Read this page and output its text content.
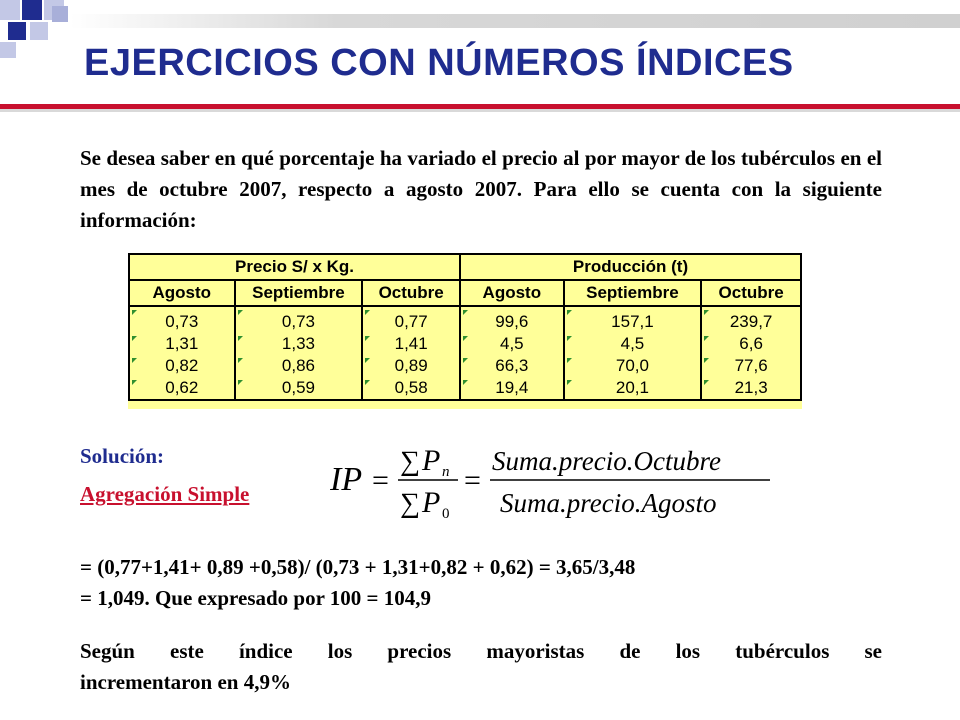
EJERCICIOS CON NÚMEROS ÍNDICES

Se desea saber en qué porcentaje ha variado el precio al por mayor de los tubérculos en el mes de octubre 2007, respecto a agosto 2007. Para ello se cuenta con la siguiente información:

Precio S/ x Kg.			Producción (t)		
Agosto	Septiembre	Octubre	Agosto	Septiembre	Octubre
0,73	0,73	0,77	99,6	157,1	239,7
1,31	1,33	1,41	4,5	4,5	6,6
0,82	0,86	0,89	66,3	70,0	77,6
0,62	0,59	0,58	19,4	20,1	21,3

Solución:

Agregación Simple IP =
∑ P n
∑ P 0
=
Suma.precio.Octubre
Suma.precio.Agosto

= (0,77+1,41+ 0,89 +0,58)/ (0,73 + 1,31+0,82 + 0,62) = 3,65/3,48
= 1,049. Que expresado por 100 = 104,9

Según este índice los precios mayoristas de los tubérculos se
incrementaron en 4,9%
